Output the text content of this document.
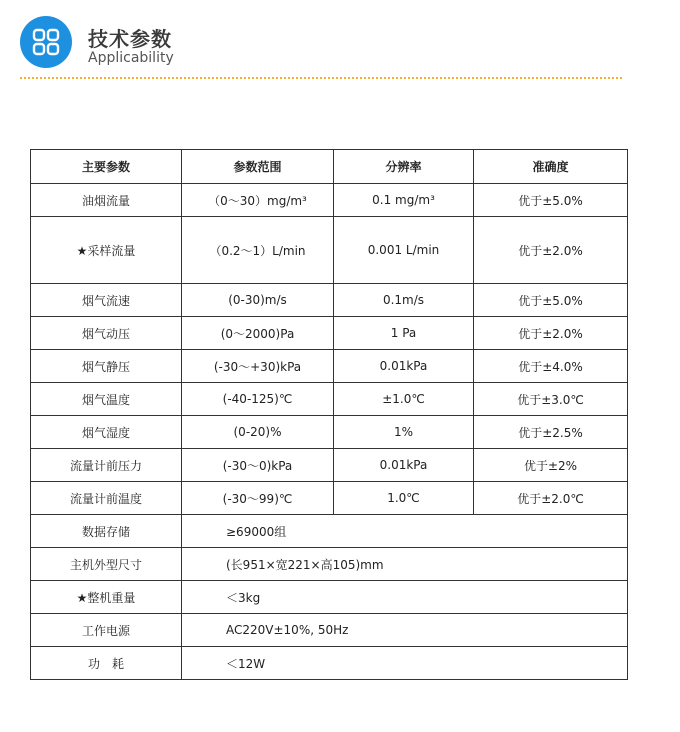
技术参数
Applicability
主要参数	参数范围	分辨率	准确度
油烟流量	（0～30）mg/m³	0.1 mg/m³	优于±5.0%
★采样流量	（0.2～1）L/min	0.001 L/min	优于±2.0%
烟气流速	(0-30)m/s	0.1m/s	优于±5.0%
烟气动压	(0～2000)Pa	1 Pa	优于±2.0%
烟气静压	(-30～+30)kPa	0.01kPa	优于±4.0%
烟气温度	(-40-125)℃	±1.0℃	优于±3.0℃
烟气湿度	(0-20)%	1%	优于±2.5%
流量计前压力	(-30～0)kPa	0.01kPa	优于±2%
流量计前温度	(-30～99)℃	1.0℃	优于±2.0℃
数据存储	≥69000组		
主机外型尺寸	(长951×宽221×高105)mm		
★整机重量	＜3kg		
工作电源	AC220V±10%, 50Hz		
功　耗	＜12W		
